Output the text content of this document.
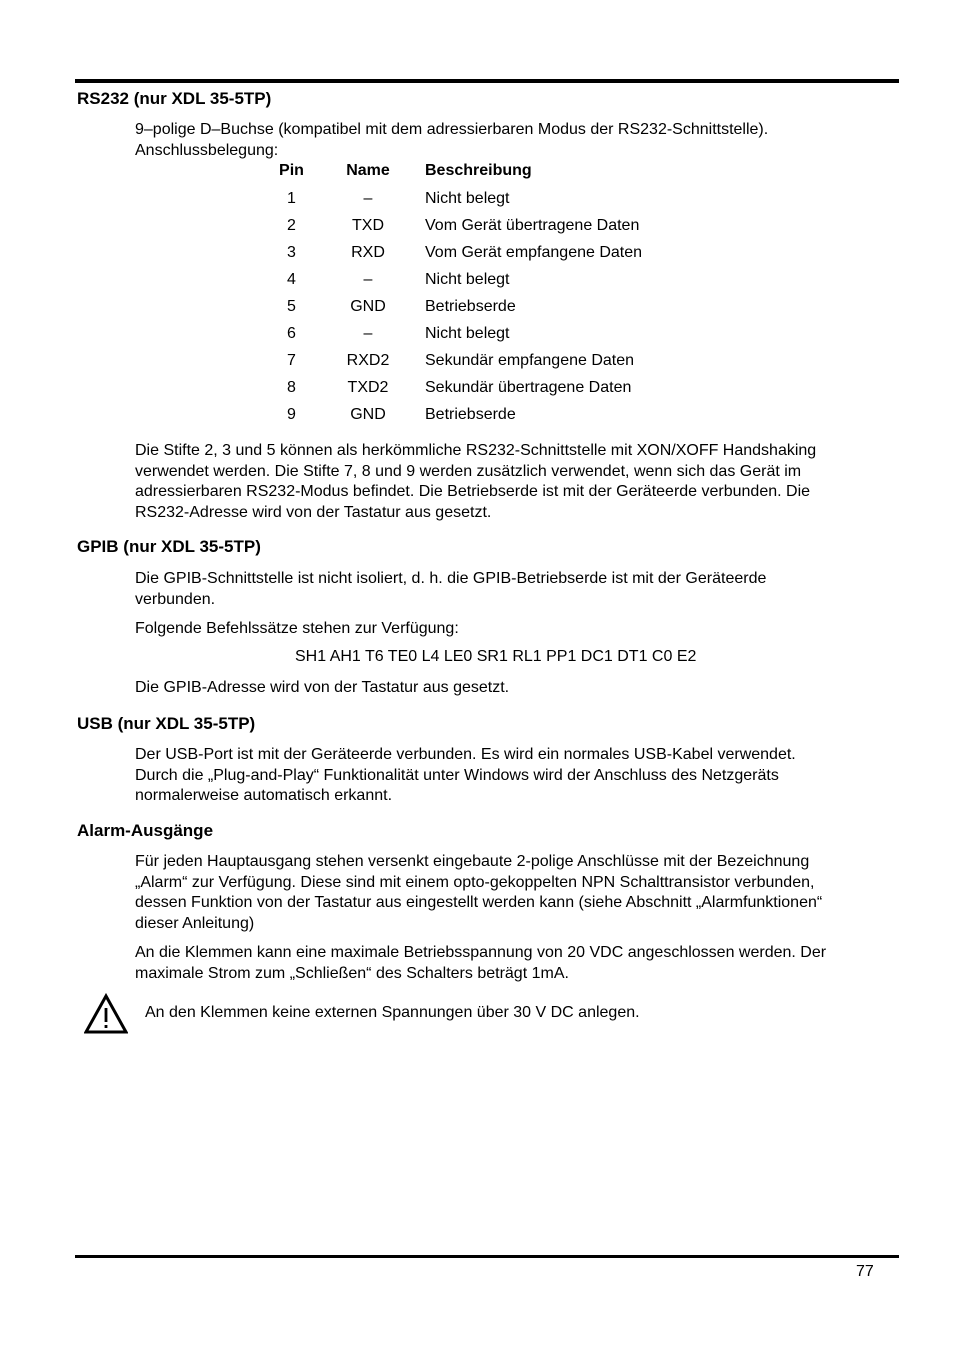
RS232 (nur XDL 35-5TP)

9–polige D–Buchse (kompatibel mit dem adressierbaren Modus der RS232-Schnittstelle).
Anschlussbelegung:

Pin	Name	Beschreibung
1	–	Nicht belegt
2	TXD	Vom Gerät übertragene Daten
3	RXD	Vom Gerät empfangene Daten
4	–	Nicht belegt
5	GND	Betriebserde
6	–	Nicht belegt
7	RXD2	Sekundär empfangene Daten
8	TXD2	Sekundär übertragene Daten
9	GND	Betriebserde

Die Stifte 2, 3 und 5 können als herkömmliche RS232-Schnittstelle mit XON/XOFF Handshaking
verwendet werden. Die Stifte 7, 8 und 9 werden zusätzlich verwendet, wenn sich das Gerät im
adressierbaren RS232-Modus befindet. Die Betriebserde ist mit der Geräteerde verbunden. Die
RS232-Adresse wird von der Tastatur aus gesetzt.

GPIB (nur XDL 35-5TP)

Die GPIB-Schnittstelle ist nicht isoliert, d. h. die GPIB-Betriebserde ist mit der Geräteerde
verbunden.

Folgende Befehlssätze stehen zur Verfügung:

SH1 AH1 T6 TE0 L4 LE0 SR1 RL1 PP1 DC1 DT1 C0 E2

Die GPIB-Adresse wird von der Tastatur aus gesetzt.

USB (nur XDL 35-5TP)

Der USB-Port ist mit der Geräteerde verbunden. Es wird ein normales USB-Kabel verwendet.
Durch die „Plug-and-Play“ Funktionalität unter Windows wird der Anschluss des Netzgeräts
normalerweise automatisch erkannt.

Alarm-Ausgänge

Für jeden Hauptausgang stehen versenkt eingebaute 2-polige Anschlüsse mit der Bezeichnung
„Alarm“ zur Verfügung. Diese sind mit einem opto-gekoppelten NPN Schalttransistor verbunden,
dessen Funktion von der Tastatur aus eingestellt werden kann (siehe Abschnitt „Alarmfunktionen“
dieser Anleitung)

An die Klemmen kann eine maximale Betriebsspannung von 20 VDC angeschlossen werden. Der
maximale Strom zum „Schließen“ des Schalters beträgt 1mA.

An den Klemmen keine externen Spannungen über 30 V DC anlegen.

77
